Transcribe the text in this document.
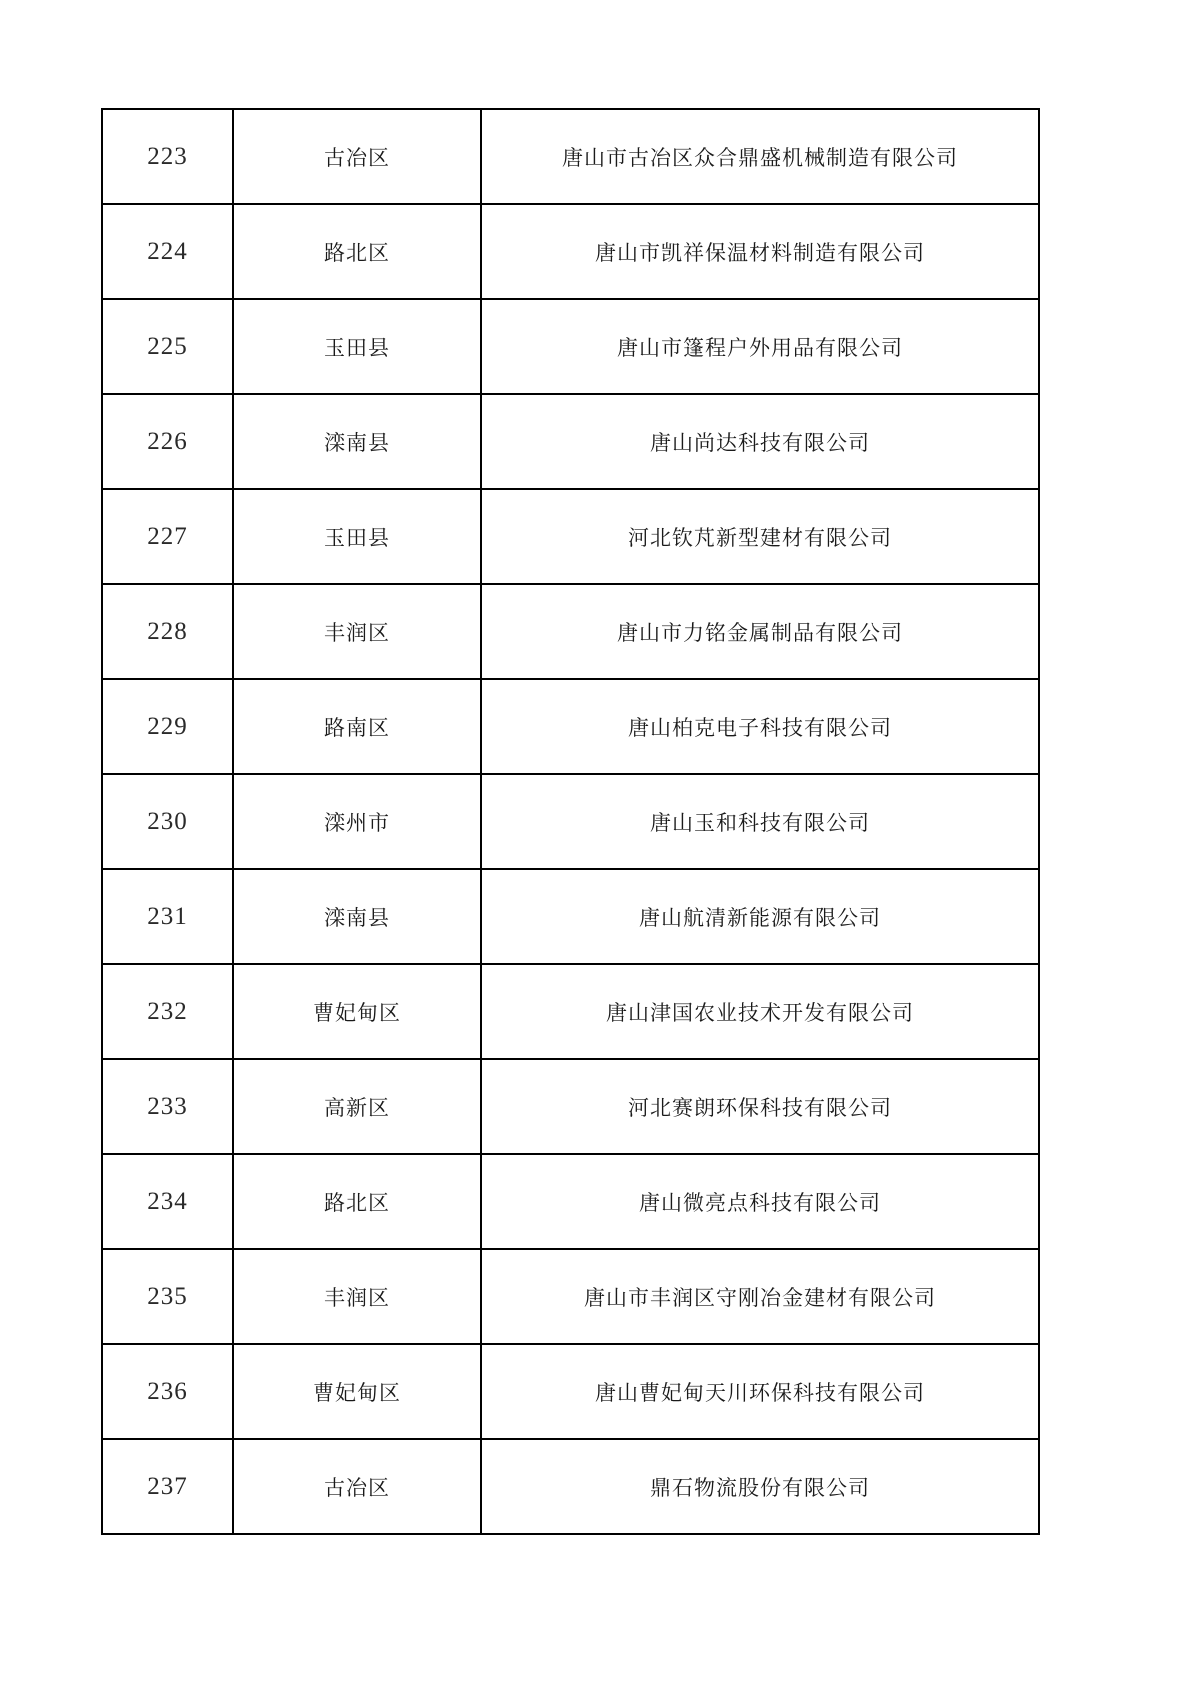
223	古冶区	唐山市古冶区众合鼎盛机械制造有限公司
224	路北区	唐山市凯祥保温材料制造有限公司
225	玉田县	唐山市篷程户外用品有限公司
226	滦南县	唐山尚达科技有限公司
227	玉田县	河北钦芃新型建材有限公司
228	丰润区	唐山市力铭金属制品有限公司
229	路南区	唐山柏克电子科技有限公司
230	滦州市	唐山玉和科技有限公司
231	滦南县	唐山航清新能源有限公司
232	曹妃甸区	唐山津国农业技术开发有限公司
233	高新区	河北赛朗环保科技有限公司
234	路北区	唐山微亮点科技有限公司
235	丰润区	唐山市丰润区守刚冶金建材有限公司
236	曹妃甸区	唐山曹妃甸天川环保科技有限公司
237	古冶区	鼎石物流股份有限公司
